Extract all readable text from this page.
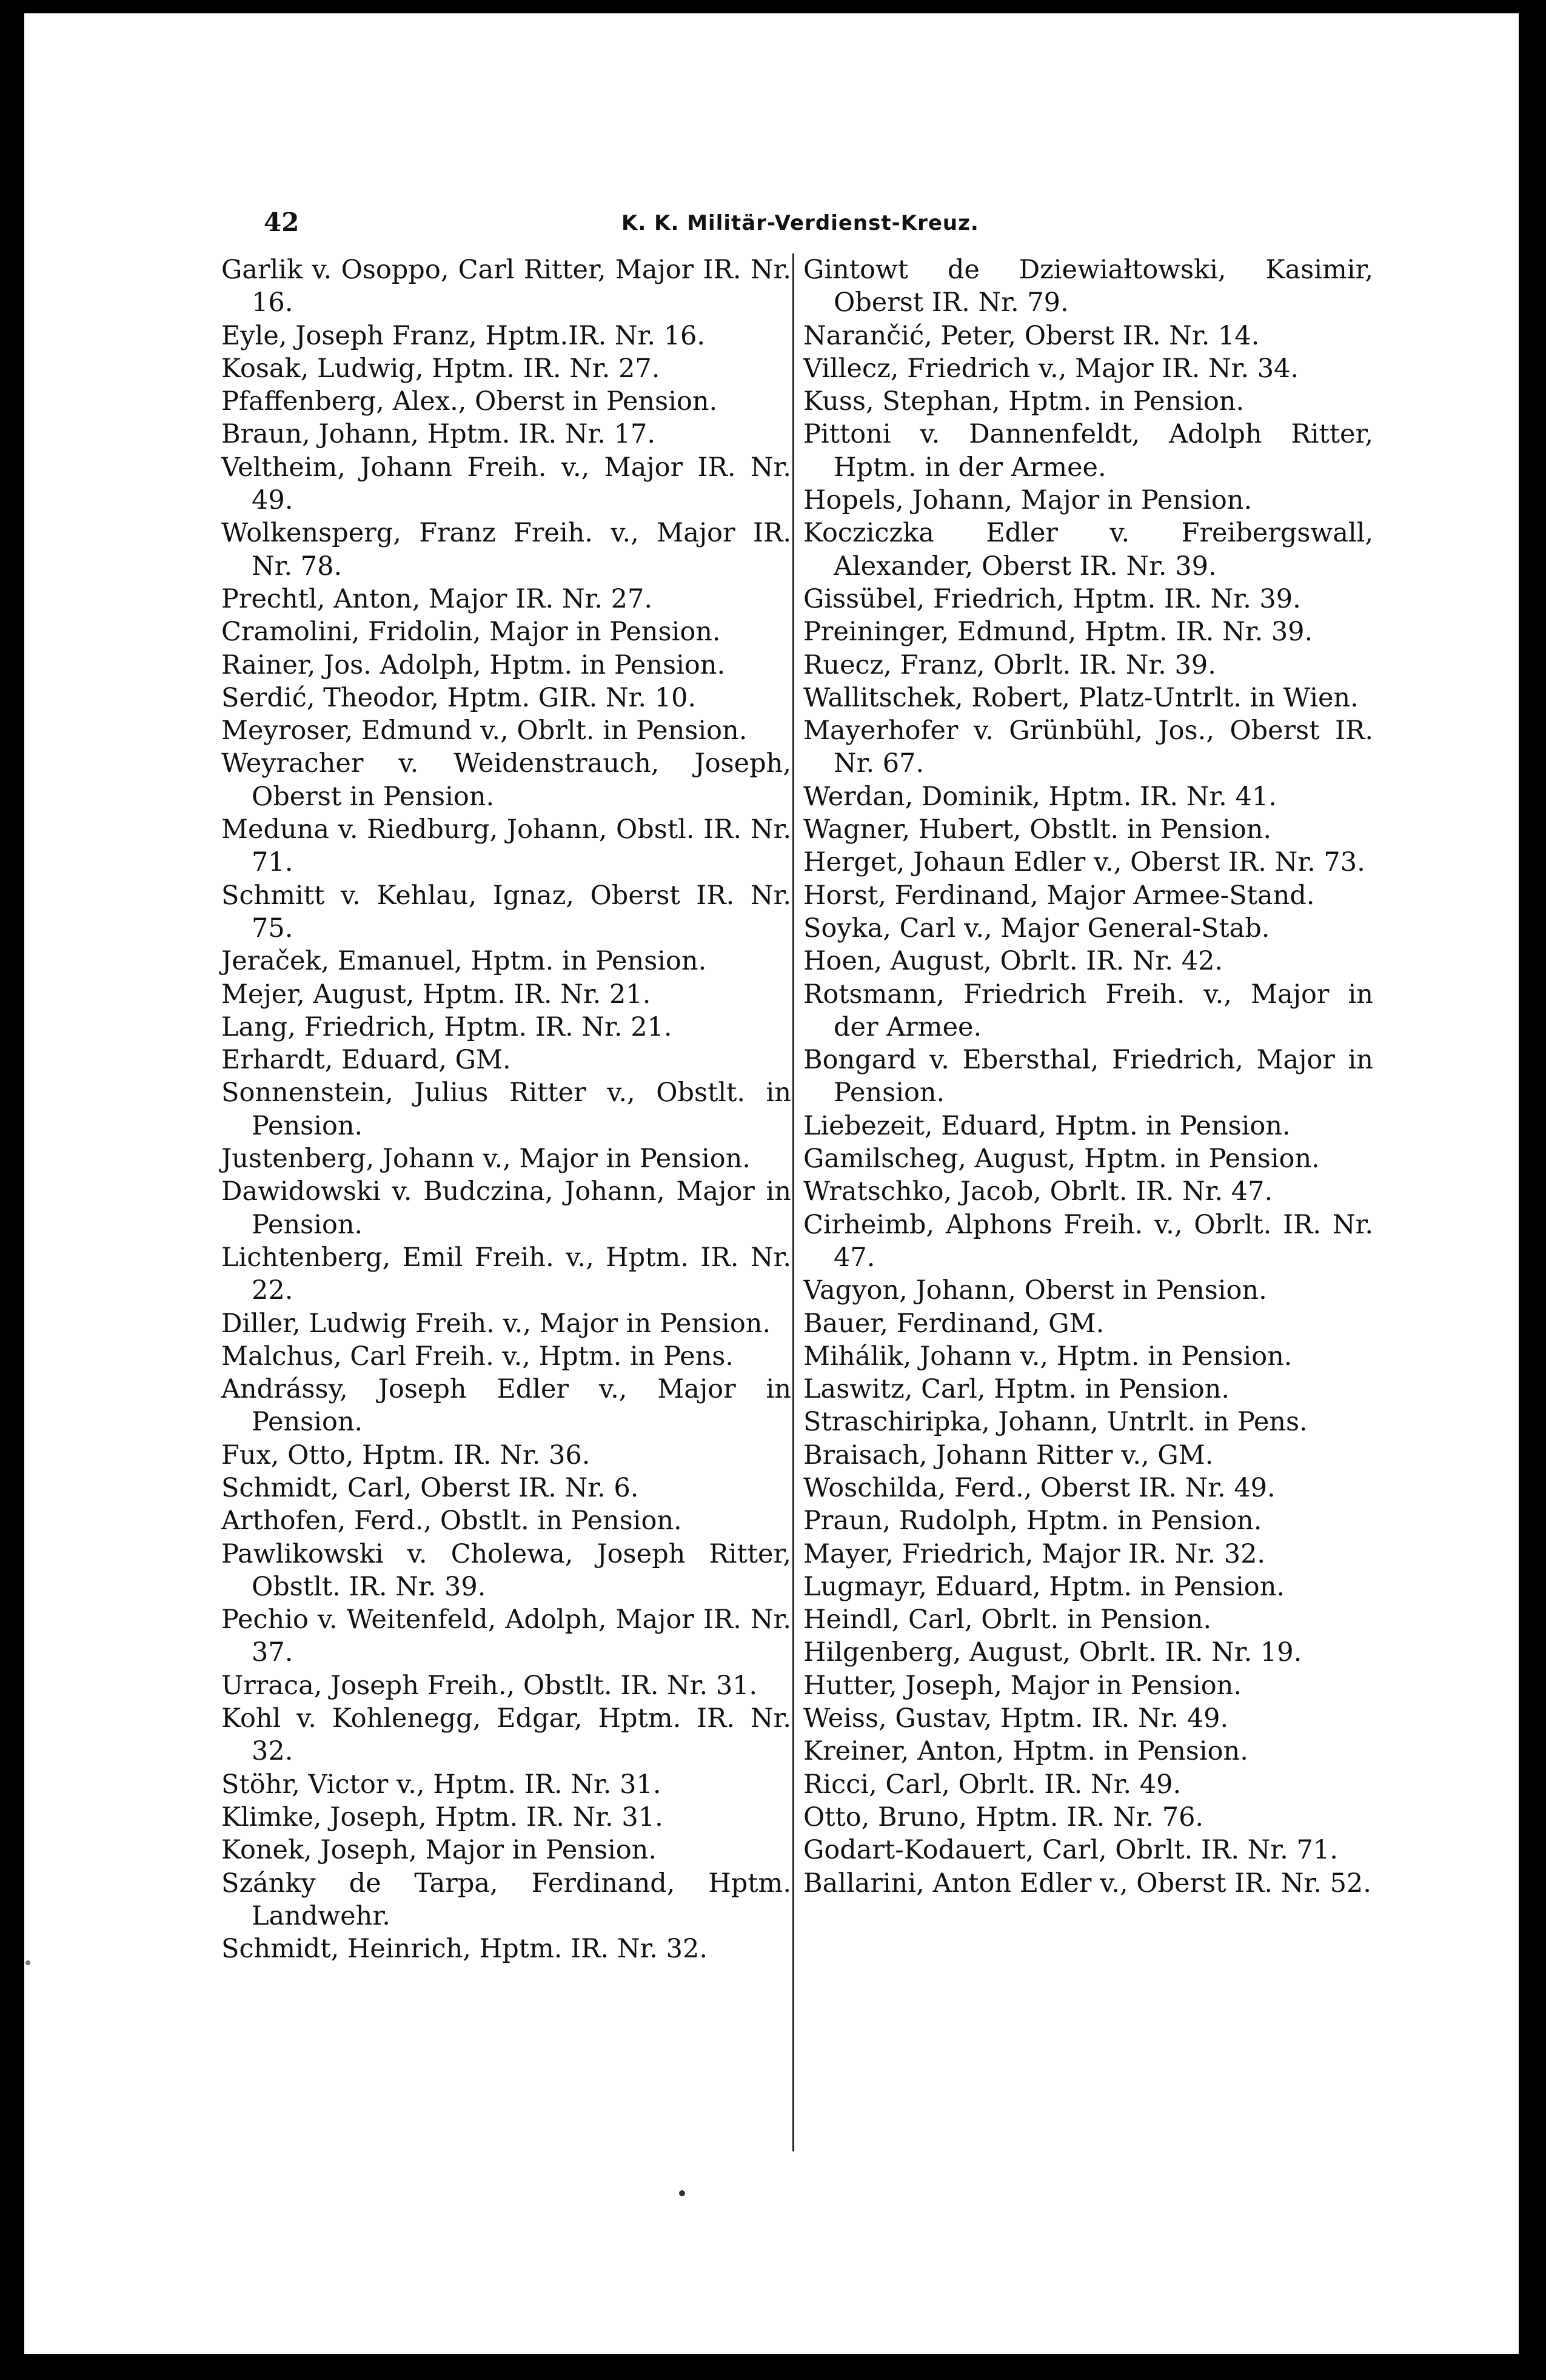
42	K. K. Militär-Verdienst-Kreuz.
Garlik v. Osoppo, Carl Ritter, Major IR. Nr. 16.
Eyle, Joseph Franz, Hptm.IR. Nr. 16.
Kosak, Ludwig, Hptm. IR. Nr. 27.
Pfaffenberg, Alex., Oberst in Pension.
Braun, Johann, Hptm. IR. Nr. 17.
Veltheim, Johann Freih. v., Major IR. Nr. 49.
Wolkensperg, Franz Freih. v., Major IR. Nr. 78.
Prechtl, Anton, Major IR. Nr. 27.
Cramolini, Fridolin, Major in Pension.
Rainer, Jos. Adolph, Hptm. in Pension.
Serdić, Theodor, Hptm. GIR. Nr. 10.
Meyroser, Edmund v., Obrlt. in Pension.
Weyracher v. Weidenstrauch, Joseph, Oberst in Pension.
Meduna v. Riedburg, Johann, Obstl. IR. Nr. 71.
Schmitt v. Kehlau, Ignaz, Oberst IR. Nr. 75.
Jeraček, Emanuel, Hptm. in Pension.
Mejer, August, Hptm. IR. Nr. 21.
Lang, Friedrich, Hptm. IR. Nr. 21.
Erhardt, Eduard, GM.
Sonnenstein, Julius Ritter v., Obstlt. in Pension.
Justenberg, Johann v., Major in Pension.
Dawidowski v. Budczina, Johann, Major in Pension.
Lichtenberg, Emil Freih. v., Hptm. IR. Nr. 22.
Diller, Ludwig Freih. v., Major in Pension.
Malchus, Carl Freih. v., Hptm. in Pens.
Andrássy, Joseph Edler v., Major in Pension.
Fux, Otto, Hptm. IR. Nr. 36.
Schmidt, Carl, Oberst IR. Nr. 6.
Arthofen, Ferd., Obstlt. in Pension.
Pawlikowski v. Cholewa, Joseph Ritter, Obstlt. IR. Nr. 39.
Pechio v. Weitenfeld, Adolph, Major IR. Nr. 37.
Urraca, Joseph Freih., Obstlt. IR. Nr. 31.
Kohl v. Kohlenegg, Edgar, Hptm. IR. Nr. 32.
Stöhr, Victor v., Hptm. IR. Nr. 31.
Klimke, Joseph, Hptm. IR. Nr. 31.
Konek, Joseph, Major in Pension.
Szánky de Tarpa, Ferdinand, Hptm. Landwehr.
Schmidt, Heinrich, Hptm. IR. Nr. 32.
Gintowt de Dziewiałtowski, Kasimir, Oberst IR. Nr. 79.
Narančić, Peter, Oberst IR. Nr. 14.
Villecz, Friedrich v., Major IR. Nr. 34.
Kuss, Stephan, Hptm. in Pension.
Pittoni v. Dannenfeldt, Adolph Ritter, Hptm. in der Armee.
Hopels, Johann, Major in Pension.
Kocziczka Edler v. Freibergswall, Alexander, Oberst IR. Nr. 39.
Gissübel, Friedrich, Hptm. IR. Nr. 39.
Preininger, Edmund, Hptm. IR. Nr. 39.
Ruecz, Franz, Obrlt. IR. Nr. 39.
Wallitschek, Robert, Platz-Untrlt. in Wien.
Mayerhofer v. Grünbühl, Jos., Oberst IR. Nr. 67.
Werdan, Dominik, Hptm. IR. Nr. 41.
Wagner, Hubert, Obstlt. in Pension.
Herget, Johaun Edler v., Oberst IR. Nr. 73.
Horst, Ferdinand, Major Armee-Stand.
Soyka, Carl v., Major General-Stab.
Hoen, August, Obrlt. IR. Nr. 42.
Rotsmann, Friedrich Freih. v., Major in der Armee.
Bongard v. Ebersthal, Friedrich, Major in Pension.
Liebezeit, Eduard, Hptm. in Pension.
Gamilscheg, August, Hptm. in Pension.
Wratschko, Jacob, Obrlt. IR. Nr. 47.
Cirheimb, Alphons Freih. v., Obrlt. IR. Nr. 47.
Vagyon, Johann, Oberst in Pension.
Bauer, Ferdinand, GM.
Mihálik, Johann v., Hptm. in Pension.
Laswitz, Carl, Hptm. in Pension.
Straschiripka, Johann, Untrlt. in Pens.
Braisach, Johann Ritter v., GM.
Woschilda, Ferd., Oberst IR. Nr. 49.
Praun, Rudolph, Hptm. in Pension.
Mayer, Friedrich, Major IR. Nr. 32.
Lugmayr, Eduard, Hptm. in Pension.
Heindl, Carl, Obrlt. in Pension.
Hilgenberg, August, Obrlt. IR. Nr. 19.
Hutter, Joseph, Major in Pension.
Weiss, Gustav, Hptm. IR. Nr. 49.
Kreiner, Anton, Hptm. in Pension.
Ricci, Carl, Obrlt. IR. Nr. 49.
Otto, Bruno, Hptm. IR. Nr. 76.
Godart-Kodauert, Carl, Obrlt. IR. Nr. 71.
Ballarini, Anton Edler v., Oberst IR. Nr. 52.
